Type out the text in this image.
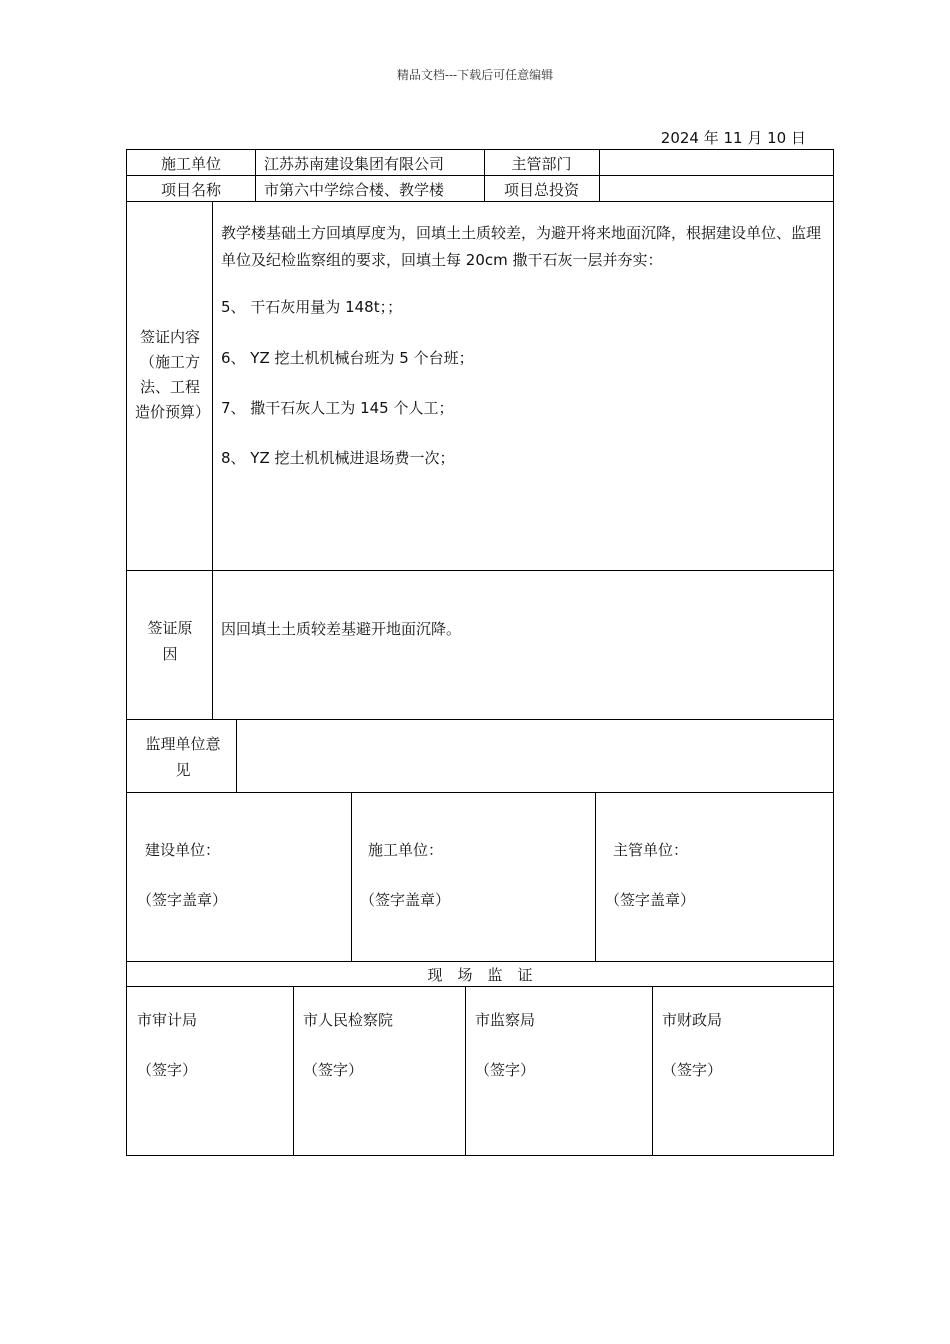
精品文档---下载后可任意编辑
2024 年 11 月 10 日
施工单位	江苏苏南建设集团有限公司	主管部门
项目名称	市第六中学综合楼、教学楼	项目总投资
签证内容（施工方法、工程造价预算）
教学楼基础土方回填厚度为，回填土土质较差，为避开将来地面沉降，根据建设单位、监理单位及纪检监察组的要求，回填土每 20cm 撒干石灰一层并夯实：
5、 干石灰用量为 148t；；
6、 YZ 挖土机机械台班为 5 个台班；
7、 撒干石灰人工为 145 个人工；
8、 YZ 挖土机机械进退场费一次；
签证原因
因回填土土质较差基避开地面沉降。
监理单位意见
建设单位：
（签字盖章）
施工单位：
（签字盖章）
主管单位：
（签字盖章）
现　场　监　证
市审计局
（签字）
市人民检察院
（签字）
市监察局
（签字）
市财政局
（签字）
